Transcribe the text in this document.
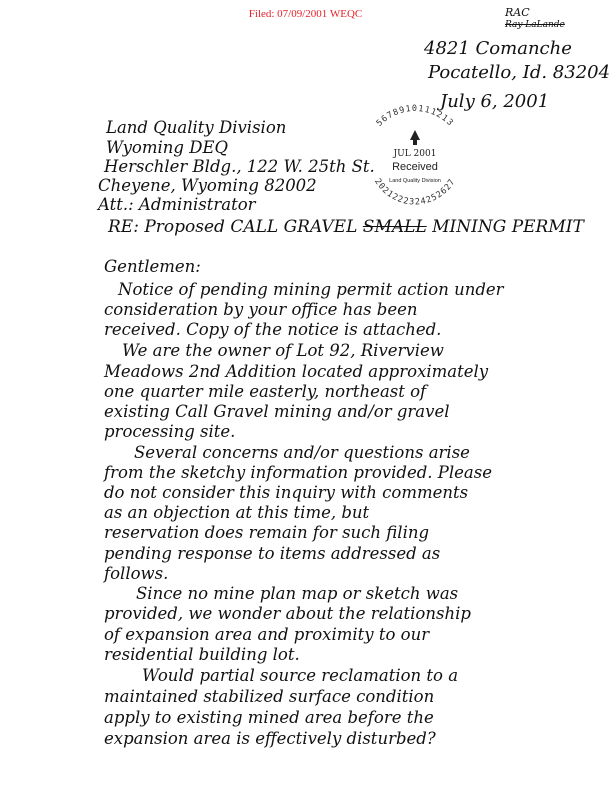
Filed: 07/09/2001 WEQC	RAC
Ray LaLande
4821 Comanche
Pocatello, Id. 83204
July 6, 2001
Land Quality Division
Wyoming DEQ
Herschler Bldg., 122 W. 25th St.
Cheyene, Wyoming 82002
Att.: Administrator
5678910111213
2021222324252627
JUL 2001
Received
Land Quality Division
RE: Proposed CALL GRAVEL SMALL MINING PERMIT
Gentlemen:
Notice of pending mining permit action under
consideration by your office has been
received. Copy of the notice is attached.
We are the owner of Lot 92, Riverview
Meadows 2nd Addition located approximately
one quarter mile easterly, northeast of
existing Call Gravel mining and/or gravel
processing site.
Several concerns and/or questions arise
from the sketchy information provided. Please
do not consider this inquiry with comments
as an objection at this time, but
reservation does remain for such filing
pending response to items addressed as
follows.
Since no mine plan map or sketch was
provided, we wonder about the relationship
of expansion area and proximity to our
residential building lot.
Would partial source reclamation to a
maintained stabilized surface condition
apply to existing mined area before the
expansion area is effectively disturbed?
